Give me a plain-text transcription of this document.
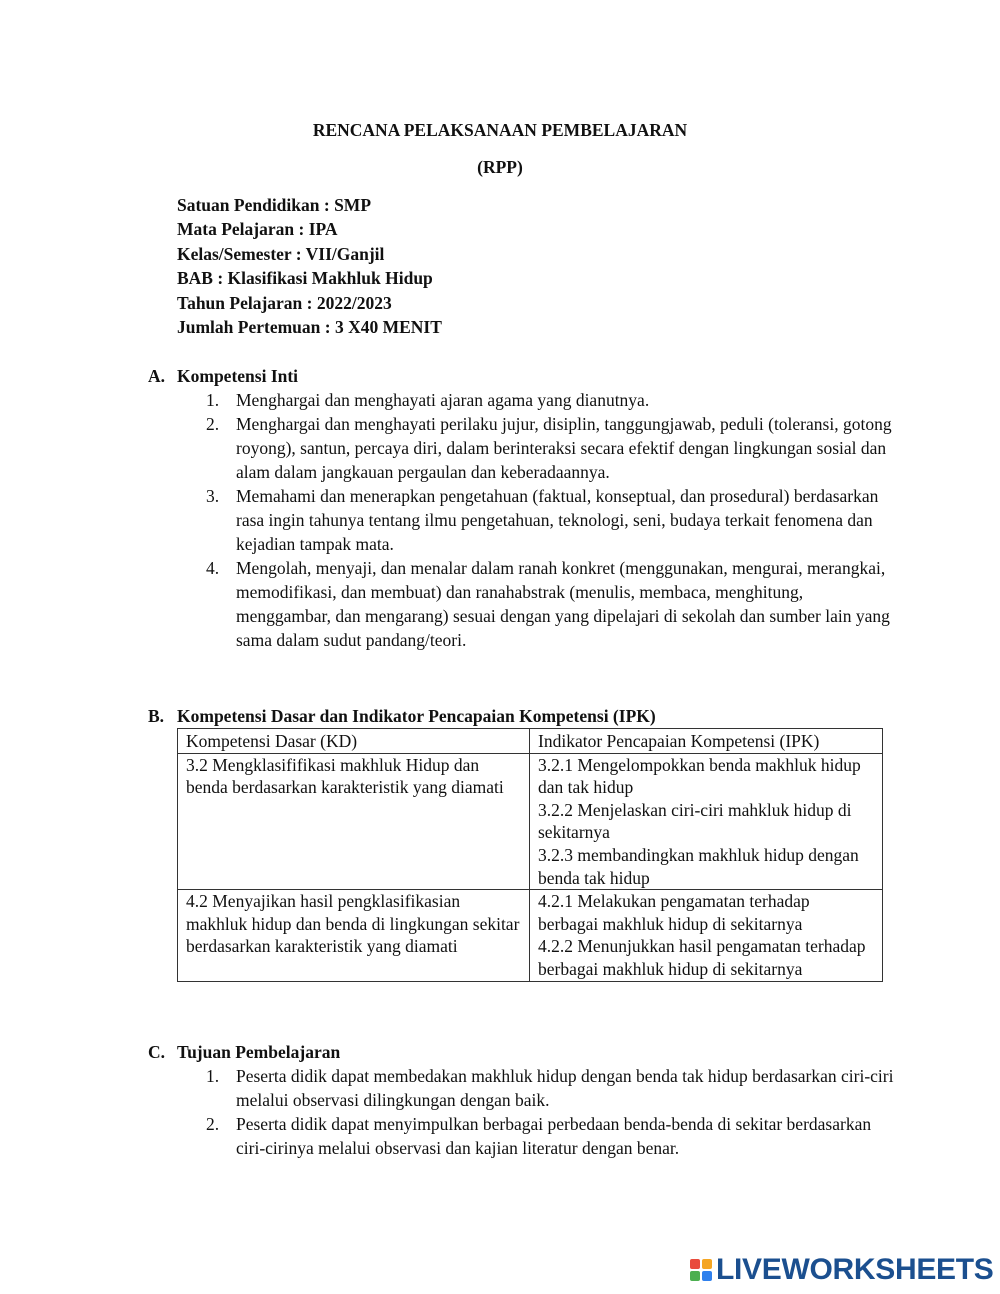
RENCANA PELAKSANAAN PEMBELAJARAN
(RPP)
Satuan Pendidikan : SMP
Mata Pelajaran : IPA
Kelas/Semester : VII/Ganjil
BAB : Klasifikasi Makhluk Hidup
Tahun Pelajaran : 2022/2023
Jumlah Pertemuan : 3 X40 MENIT
A. Kompetensi Inti
1. Menghargai dan menghayati ajaran agama yang dianutnya.
2. Menghargai dan menghayati perilaku jujur, disiplin, tanggungjawab, peduli (toleransi, gotong royong), santun, percaya diri, dalam berinteraksi secara efektif dengan lingkungan sosial dan alam dalam jangkauan pergaulan dan keberadaannya.
3. Memahami dan menerapkan pengetahuan (faktual, konseptual, dan prosedural) berdasarkan rasa ingin tahunya tentang ilmu pengetahuan, teknologi, seni, budaya terkait fenomena dan kejadian tampak mata.
4. Mengolah, menyaji, dan menalar dalam ranah konkret (menggunakan, mengurai, merangkai, memodifikasi, dan membuat) dan ranahabstrak (menulis, membaca, menghitung, menggambar, dan mengarang) sesuai dengan yang dipelajari di sekolah dan sumber lain yang sama dalam sudut pandang/teori.
B. Kompetensi Dasar dan Indikator Pencapaian Kompetensi (IPK)
Kompetensi Dasar (KD)	Indikator Pencapaian Kompetensi (IPK)
3.2 Mengklasififikasi makhluk Hidup dan benda berdasarkan karakteristik yang diamati	3.2.1 Mengelompokkan benda makhluk hidup dan tak hidup
3.2.2 Menjelaskan ciri-ciri mahkluk hidup di sekitarnya
3.2.3 membandingkan makhluk hidup dengan benda tak hidup

4.2 Menyajikan hasil pengklasifikasian makhluk hidup dan benda di lingkungan sekitar berdasarkan karakteristik yang diamati	4.2.1 Melakukan pengamatan terhadap berbagai makhluk hidup di sekitarnya
4.2.2 Menunjukkan hasil pengamatan terhadap berbagai makhluk hidup di sekitarnya
C. Tujuan Pembelajaran
1. Peserta didik dapat membedakan makhluk hidup dengan benda tak hidup berdasarkan ciri-ciri melalui observasi dilingkungan dengan baik.
2. Peserta didik dapat menyimpulkan berbagai perbedaan benda-benda di sekitar berdasarkan ciri-cirinya melalui observasi dan kajian literatur dengan benar.
LIVEWORKSHEETS
